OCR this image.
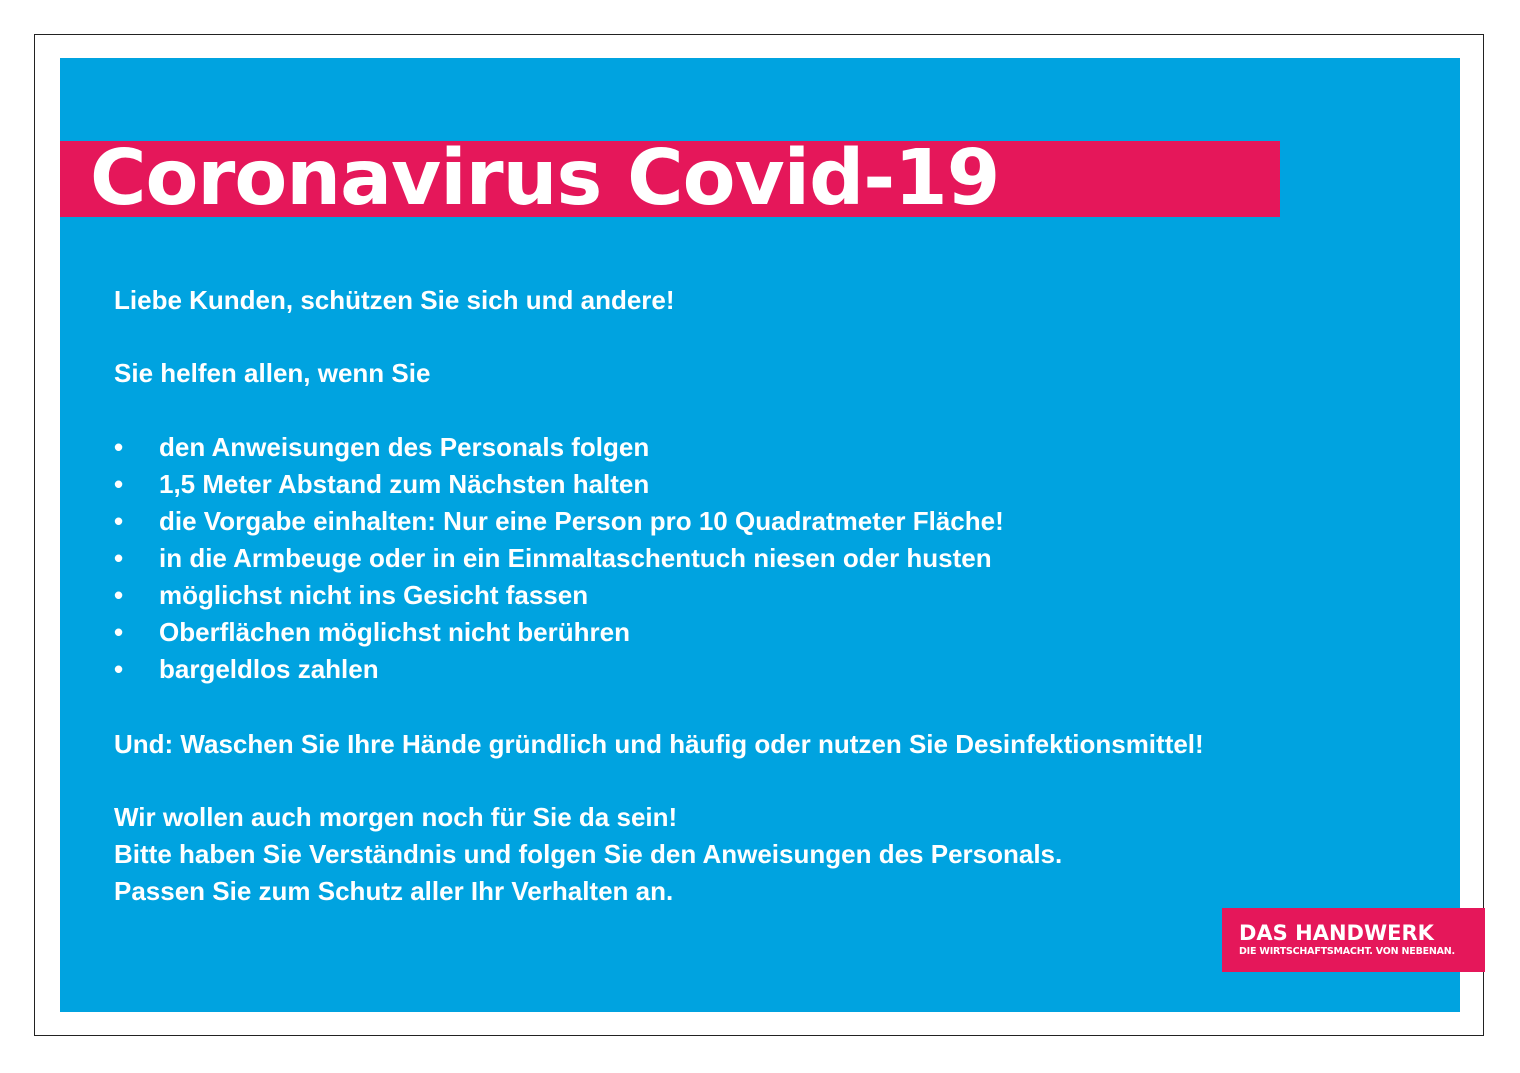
Coronavirus Covid-19

Liebe Kunden, schützen Sie sich und andere!

Sie helfen allen, wenn Sie

•	den Anweisungen des Personals folgen
•	1,5 Meter Abstand zum Nächsten halten
•	die Vorgabe einhalten: Nur eine Person pro 10 Quadratmeter Fläche!
•	in die Armbeuge oder in ein Einmaltaschentuch niesen oder husten
•	möglichst nicht ins Gesicht fassen
•	Oberflächen möglichst nicht berühren
•	bargeldlos zahlen

Und: Waschen Sie Ihre Hände gründlich und häufig oder nutzen Sie Desinfektionsmittel!

Wir wollen auch morgen noch für Sie da sein!
Bitte haben Sie Verständnis und folgen Sie den Anweisungen des Personals.
Passen Sie zum Schutz aller Ihr Verhalten an.

DAS HANDWERK
DIE WIRTSCHAFTSMACHT. VON NEBENAN.
